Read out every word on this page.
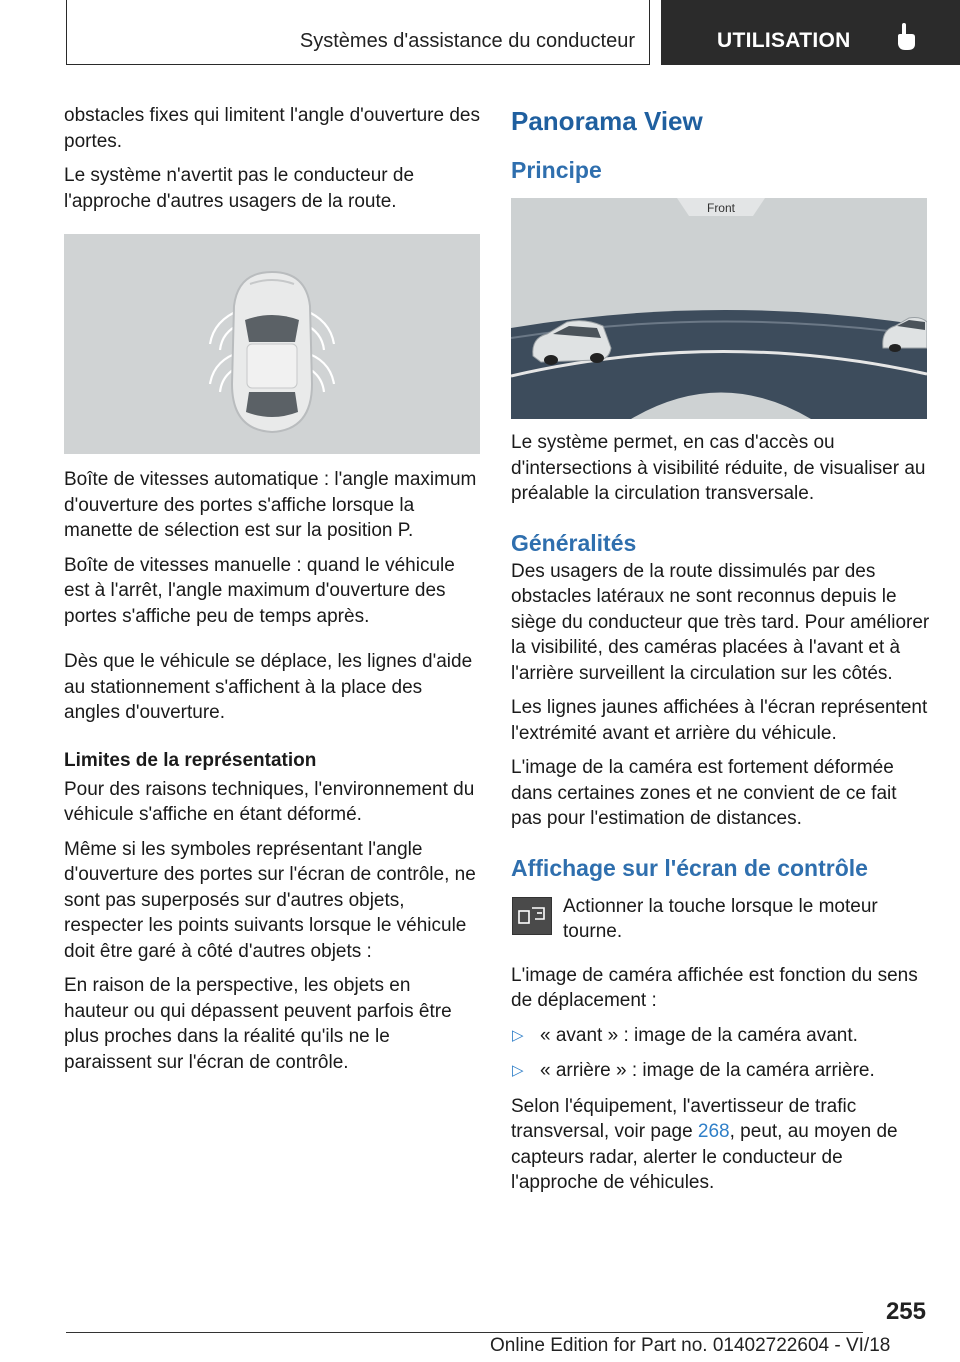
Systèmes d'assistance du conducteur	UTILISATION

obstacles fixes qui limitent l'angle d'ouverture des portes.

Le système n'avertit pas le conducteur de l'approche d'autres usagers de la route.

Boîte de vitesses automatique : l'angle maximum d'ouverture des portes s'affiche lorsque la manette de sélection est sur la position P.

Boîte de vitesses manuelle : quand le véhicule est à l'arrêt, l'angle maximum d'ouverture des portes s'affiche peu de temps après.

Dès que le véhicule se déplace, les lignes d'aide au stationnement s'affichent à la place des angles d'ouverture.

Limites de la représentation

Pour des raisons techniques, l'environnement du véhicule s'affiche en étant déformé.

Même si les symboles représentant l'angle d'ouverture des portes sur l'écran de contrôle, ne sont pas superposés sur d'autres objets, respecter les points suivants lorsque le véhicule doit être garé à côté d'autres objets :

En raison de la perspective, les objets en hauteur ou qui dépassent peuvent parfois être plus proches dans la réalité qu'ils ne le paraissent sur l'écran de contrôle.

Panorama View
Principe
Front

Le système permet, en cas d'accès ou d'intersections à visibilité réduite, de visualiser au préalable la circulation transversale.

Généralités

Des usagers de la route dissimulés par des obstacles latéraux ne sont reconnus depuis le siège du conducteur que très tard. Pour améliorer la visibilité, des caméras placées à l'avant et à l'arrière surveillent la circulation sur les côtés.

Les lignes jaunes affichées à l'écran représentent l'extrémité avant et arrière du véhicule.

L'image de la caméra est fortement déformée dans certaines zones et ne convient de ce fait pas pour l'estimation de distances.

Affichage sur l'écran de contrôle
Actionner la touche lorsque le moteur tourne.

L'image de caméra affichée est fonction du sens de déplacement :

▷ « avant » : image de la caméra avant.
▷ « arrière » : image de la caméra arrière.

Selon l'équipement, l'avertisseur de trafic transversal, voir page 268, peut, au moyen de capteurs radar, alerter le conducteur de l'approche de véhicules.

255
Online Edition for Part no. 01402722604 - VI/18
